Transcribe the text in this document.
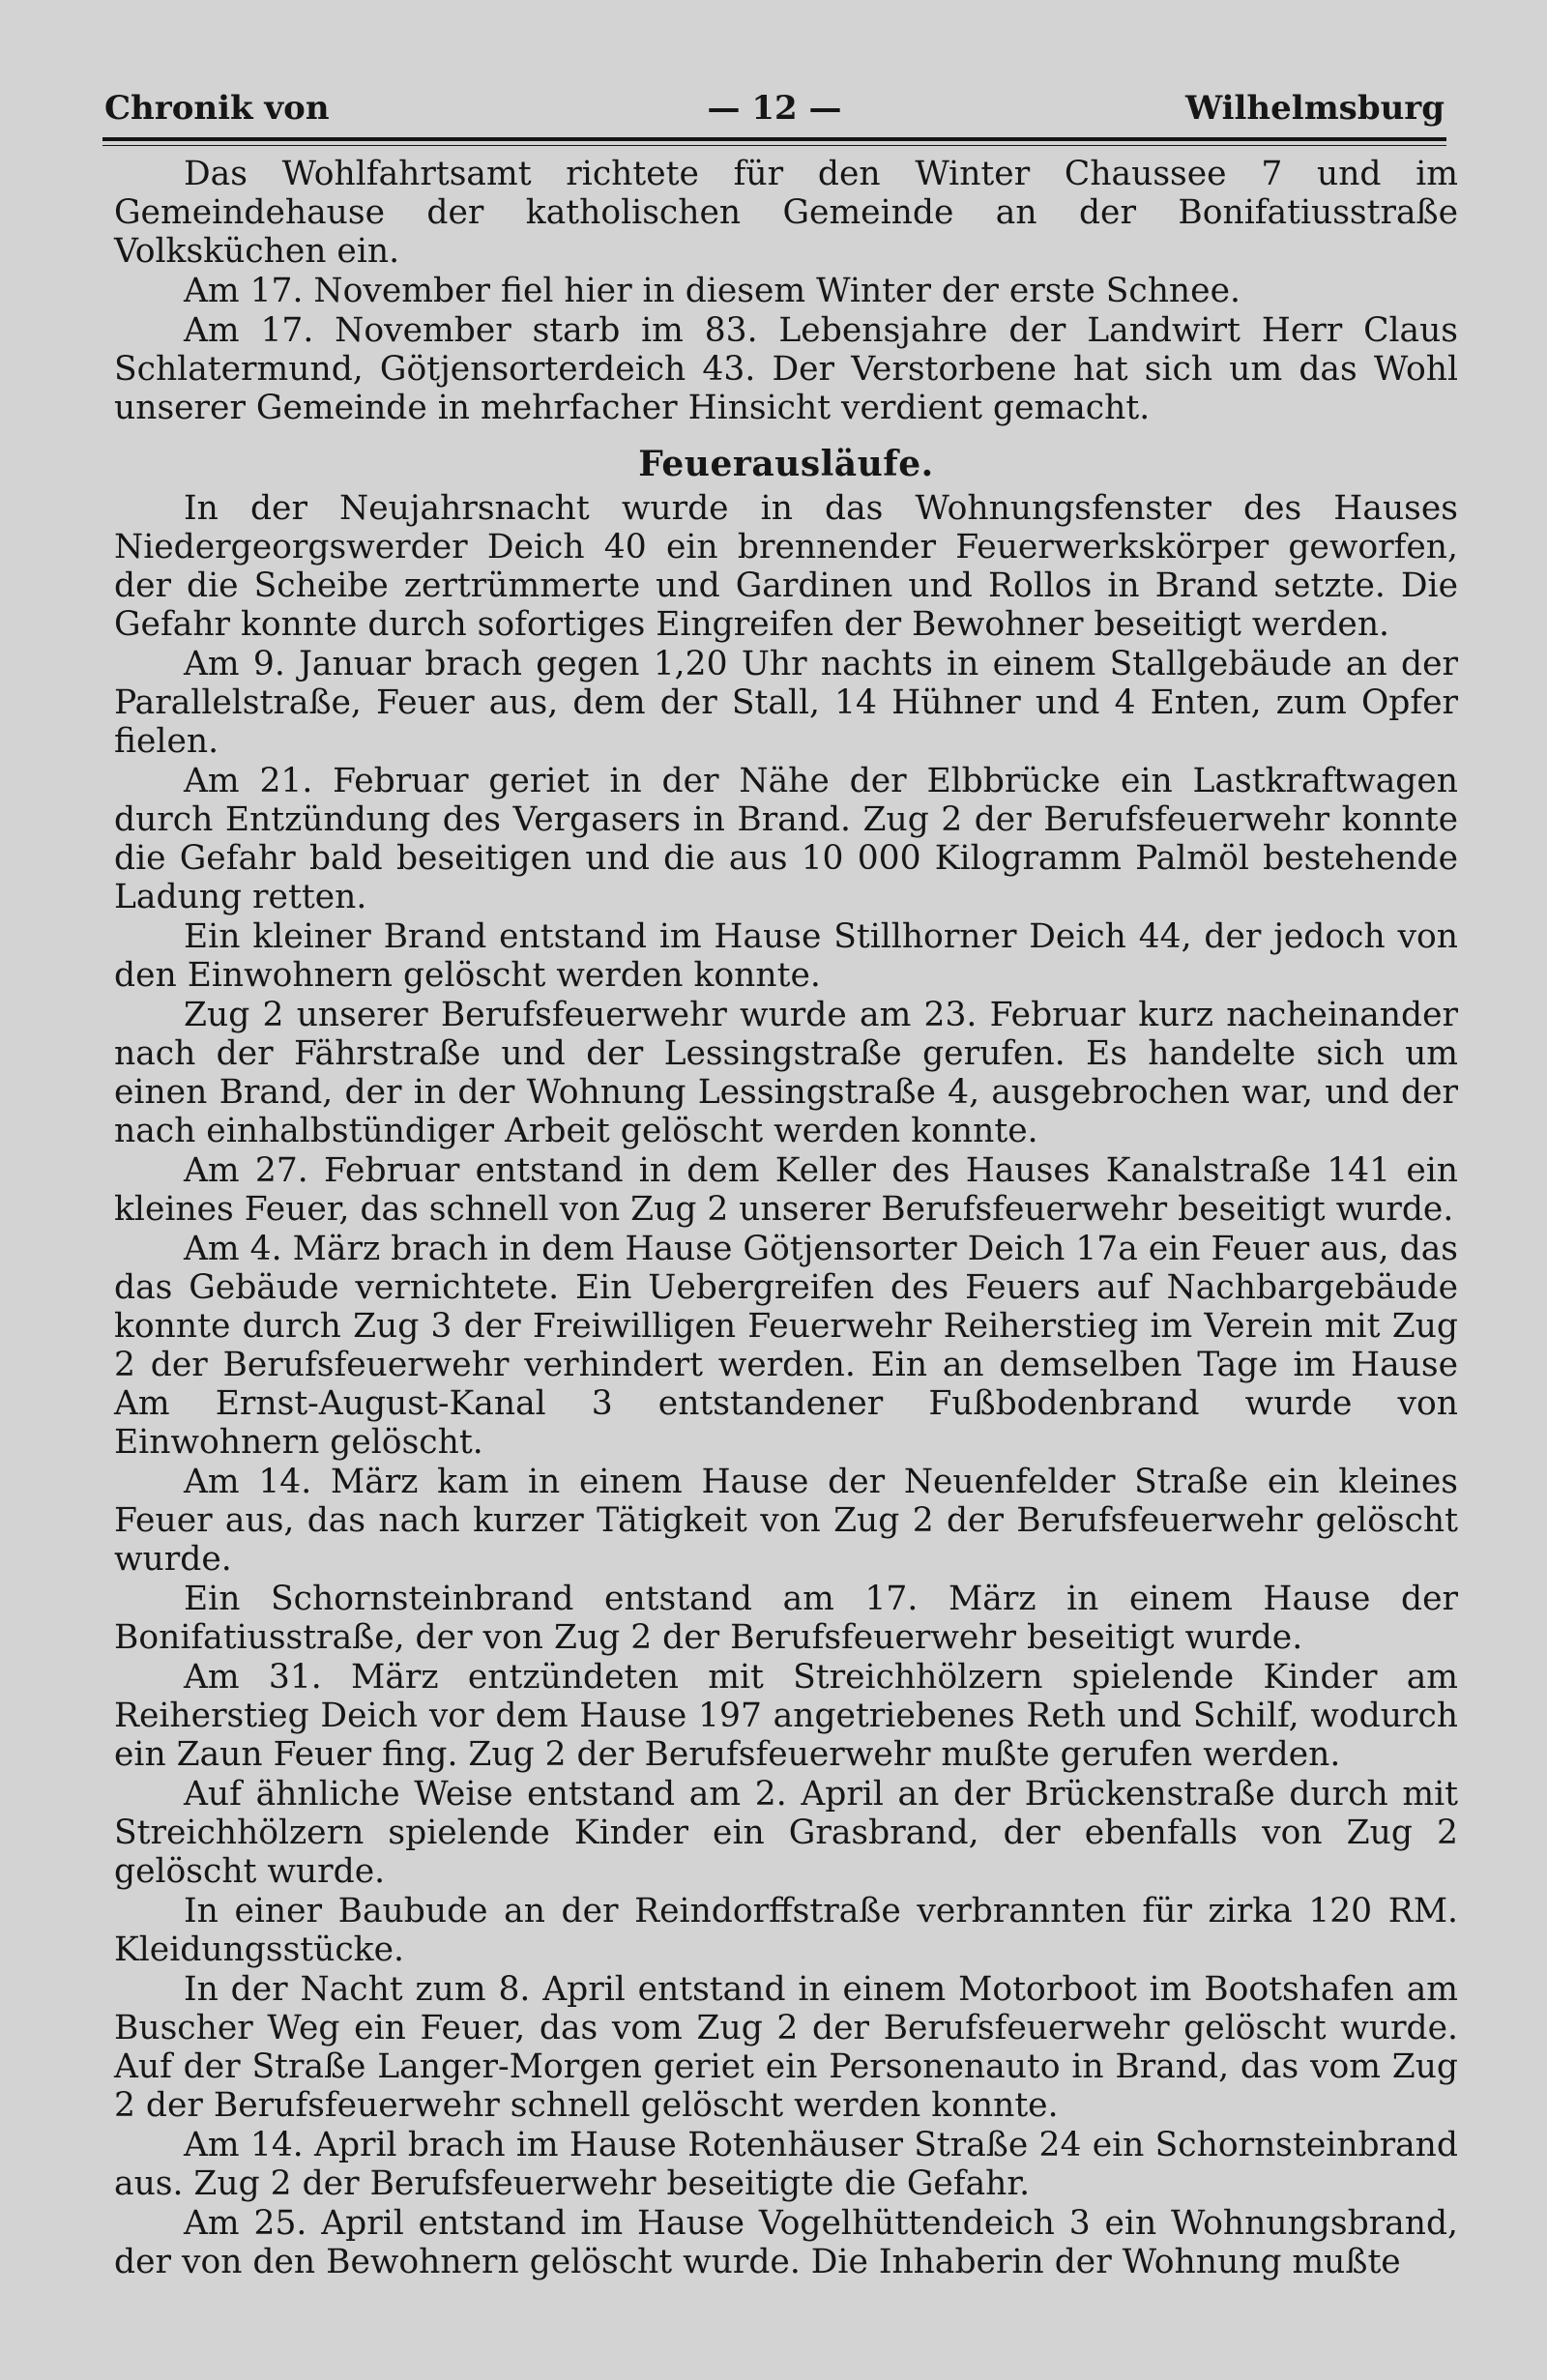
Chronik von	— 12 —	Wilhelmsburg

Das Wohlfahrtsamt richtete für den Winter Chaussee 7 und im Gemeindehause der katholischen Gemeinde an der Bonifatiusstraße Volksküchen ein.

Am 17. November fiel hier in diesem Winter der erste Schnee.

Am 17. November starb im 83. Lebensjahre der Landwirt Herr Claus Schlatermund, Götjensorterdeich 43. Der Verstorbene hat sich um das Wohl unserer Gemeinde in mehrfacher Hinsicht verdient gemacht.

Feuerausläufe.

In der Neujahrsnacht wurde in das Wohnungsfenster des Hauses Niedergeorgswerder Deich 40 ein brennender Feuerwerkskörper geworfen, der die Scheibe zertrümmerte und Gardinen und Rollos in Brand setzte. Die Gefahr konnte durch sofortiges Eingreifen der Bewohner beseitigt werden.

Am 9. Januar brach gegen 1,20 Uhr nachts in einem Stallgebäude an der Parallelstraße, Feuer aus, dem der Stall, 14 Hühner und 4 Enten, zum Opfer fielen.

Am 21. Februar geriet in der Nähe der Elbbrücke ein Lastkraftwagen durch Entzündung des Vergasers in Brand. Zug 2 der Berufsfeuerwehr konnte die Gefahr bald beseitigen und die aus 10 000 Kilogramm Palmöl bestehende Ladung retten.

Ein kleiner Brand entstand im Hause Stillhorner Deich 44, der jedoch von den Einwohnern gelöscht werden konnte.

Zug 2 unserer Berufsfeuerwehr wurde am 23. Februar kurz nacheinander nach der Fährstraße und der Lessingstraße gerufen. Es handelte sich um einen Brand, der in der Wohnung Lessingstraße 4, ausgebrochen war, und der nach einhalbstündiger Arbeit gelöscht werden konnte.

Am 27. Februar entstand in dem Keller des Hauses Kanalstraße 141 ein kleines Feuer, das schnell von Zug 2 unserer Berufsfeuerwehr beseitigt wurde.

Am 4. März brach in dem Hause Götjensorter Deich 17a ein Feuer aus, das das Gebäude vernichtete. Ein Uebergreifen des Feuers auf Nachbargebäude konnte durch Zug 3 der Freiwilligen Feuerwehr Reiherstieg im Verein mit Zug 2 der Berufsfeuerwehr verhindert werden. Ein an demselben Tage im Hause Am Ernst-August-Kanal 3 entstandener Fußbodenbrand wurde von Einwohnern gelöscht.

Am 14. März kam in einem Hause der Neuenfelder Straße ein kleines Feuer aus, das nach kurzer Tätigkeit von Zug 2 der Berufsfeuerwehr gelöscht wurde.

Ein Schornsteinbrand entstand am 17. März in einem Hause der Bonifatiusstraße, der von Zug 2 der Berufsfeuerwehr beseitigt wurde.

Am 31. März entzündeten mit Streichhölzern spielende Kinder am Reiherstieg Deich vor dem Hause 197 angetriebenes Reth und Schilf, wodurch ein Zaun Feuer fing. Zug 2 der Berufsfeuerwehr mußte gerufen werden.

Auf ähnliche Weise entstand am 2. April an der Brückenstraße durch mit Streichhölzern spielende Kinder ein Grasbrand, der ebenfalls von Zug 2 gelöscht wurde.

In einer Baubude an der Reindorffstraße verbrannten für zirka 120 RM. Kleidungsstücke.

In der Nacht zum 8. April entstand in einem Motorboot im Bootshafen am Buscher Weg ein Feuer, das vom Zug 2 der Berufsfeuerwehr gelöscht wurde. Auf der Straße Langer-Morgen geriet ein Personenauto in Brand, das vom Zug 2 der Berufsfeuerwehr schnell gelöscht werden konnte.

Am 14. April brach im Hause Rotenhäuser Straße 24 ein Schornsteinbrand aus. Zug 2 der Berufsfeuerwehr beseitigte die Gefahr.

Am 25. April entstand im Hause Vogelhüttendeich 3 ein Wohnungsbrand, der von den Bewohnern gelöscht wurde. Die Inhaberin der Wohnung mußte
